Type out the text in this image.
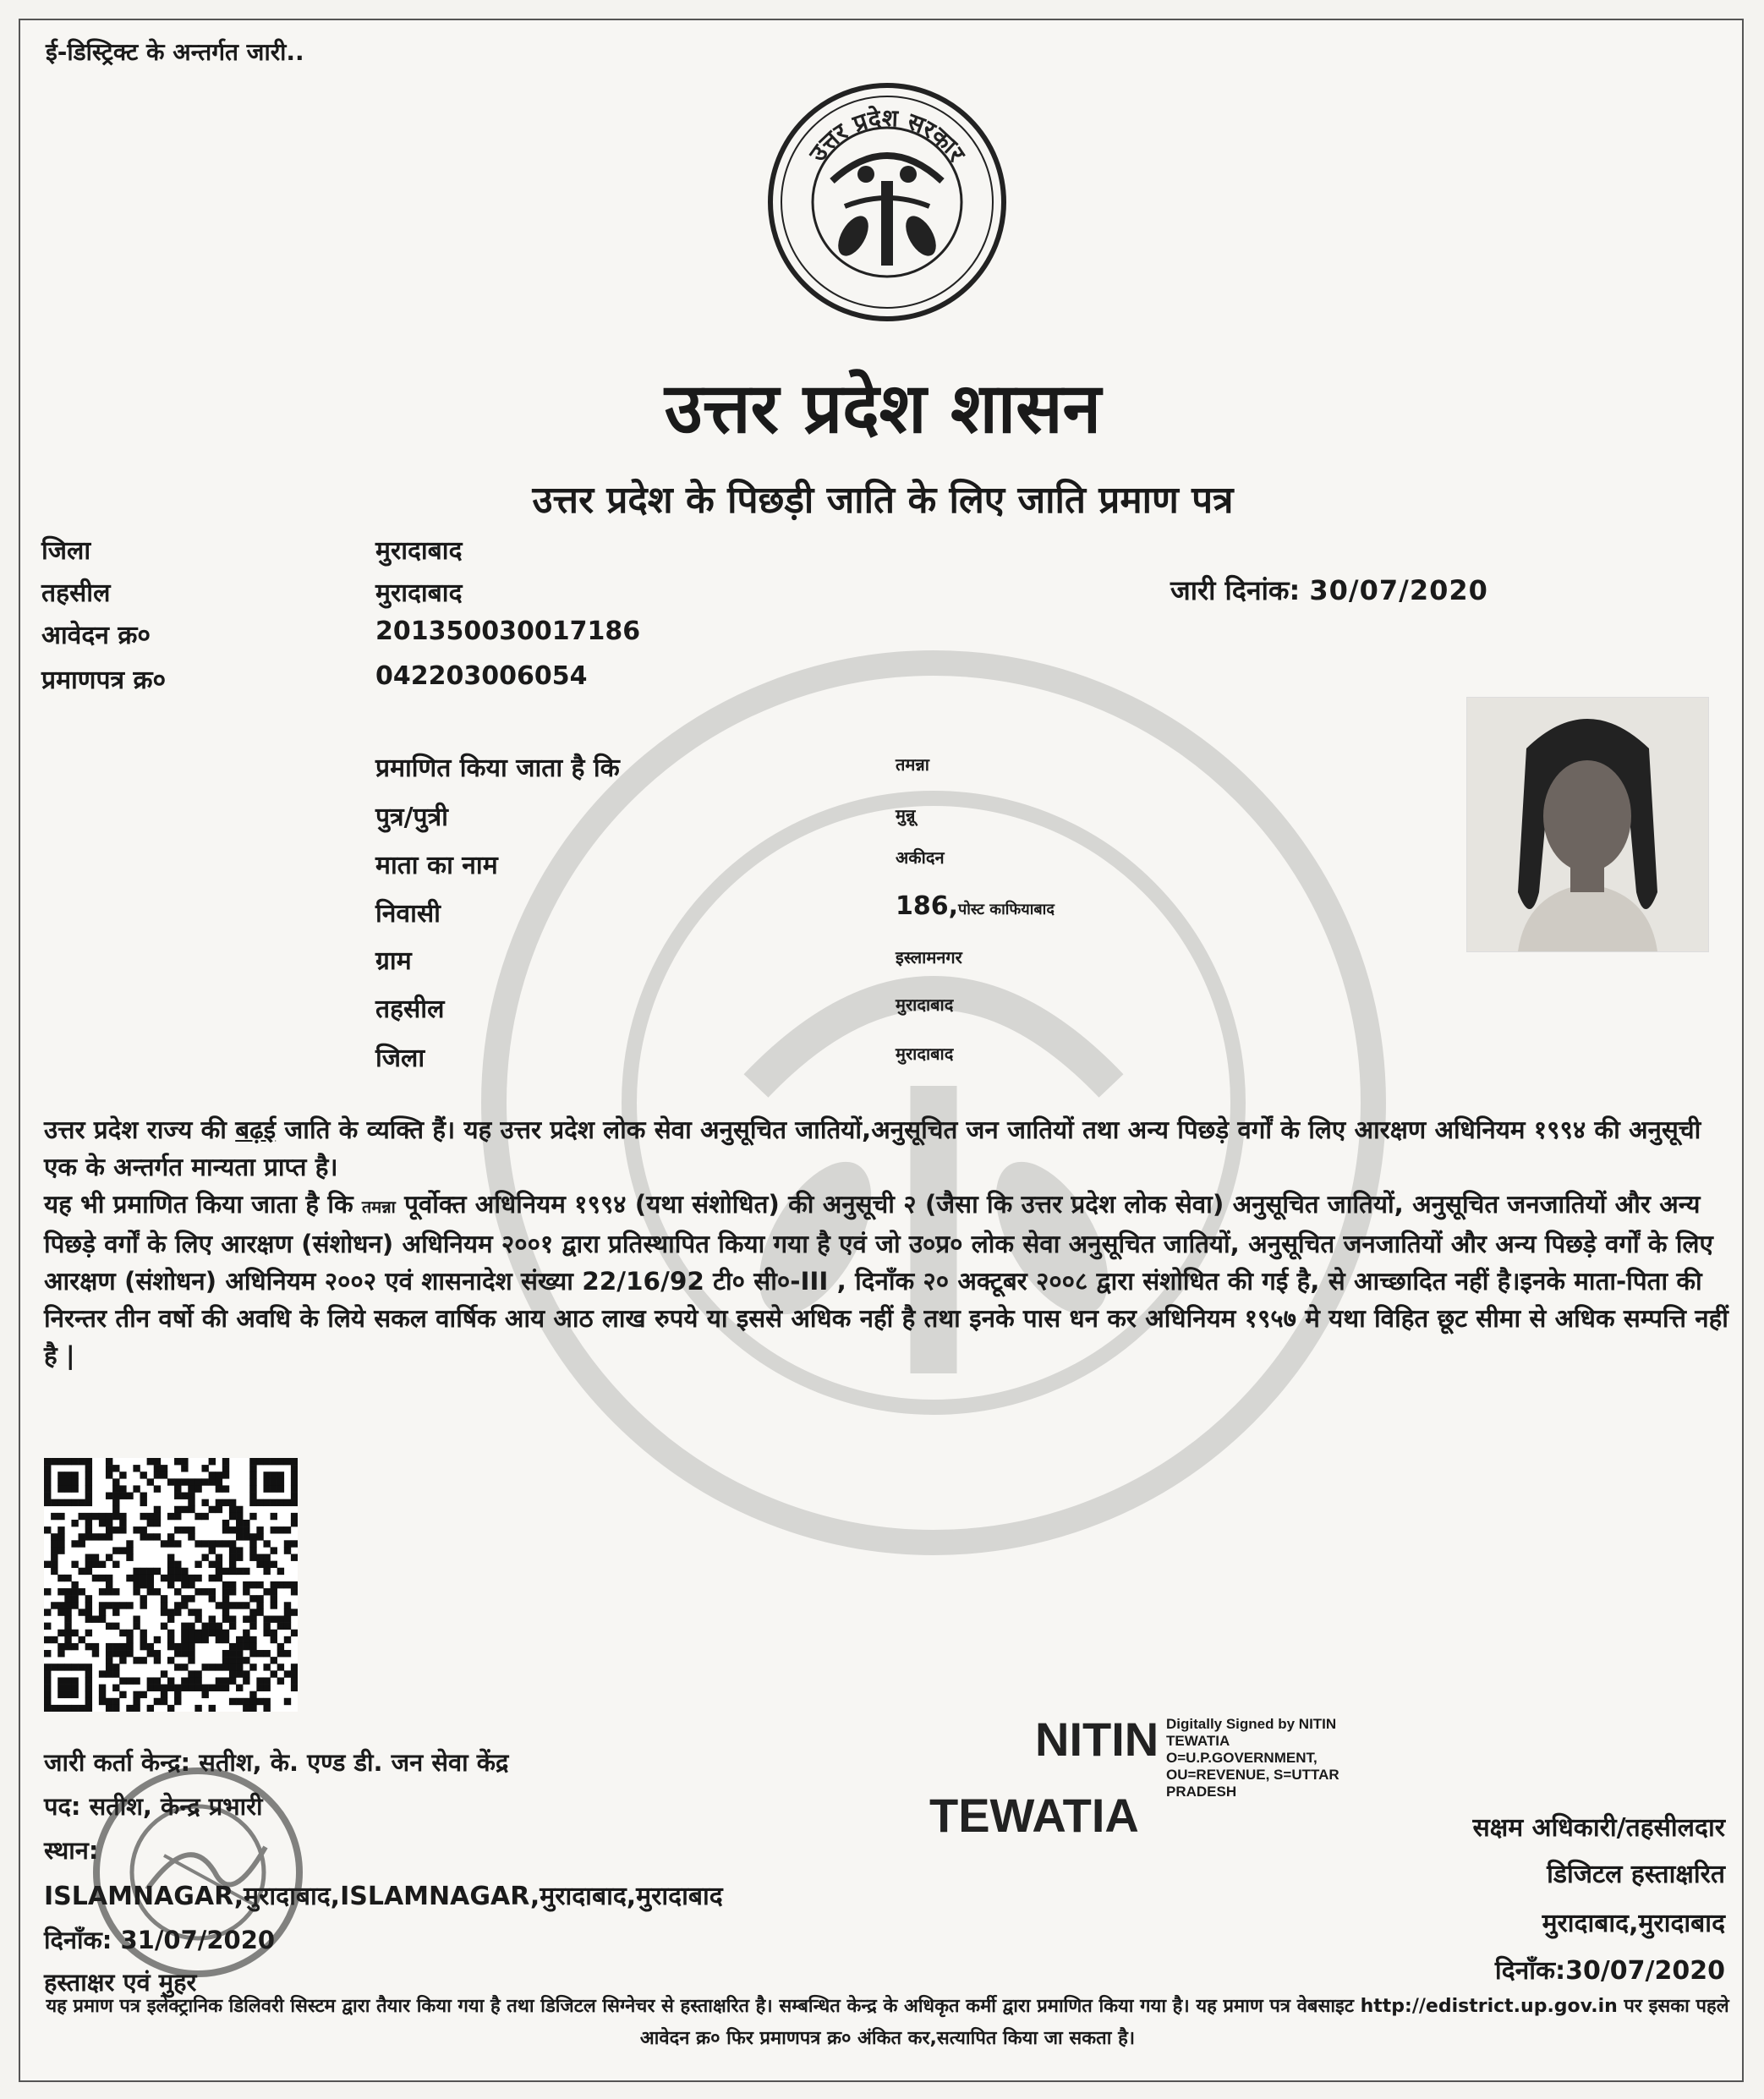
ई-डिस्ट्रिक्ट के अन्तर्गत जारी..
उत्तर प्रदेश सरकार
उत्तर प्रदेश शासन
उत्तर प्रदेश के पिछड़ी जाति के लिए जाति प्रमाण पत्र
जिला	मुरादाबाद
तहसील	मुरादाबाद
आवेदन क्र०	201350030017186
प्रमाणपत्र क्र०	042203006054
जारी दिनांक: 30/07/2020
प्रमाणित किया जाता है कि	तमन्ना
पुत्र/पुत्री	मुन्नू
माता का नाम	अकीदन
निवासी	186,पोस्ट काफियाबाद
ग्राम	इस्लामनगर
तहसील	मुरादाबाद
जिला	मुरादाबाद

उत्तर प्रदेश राज्य की बढ़ई जाति के व्यक्ति हैं। यह उत्तर प्रदेश लोक सेवा अनुसूचित जातियों,अनुसूचित जन जातियों तथा अन्य पिछड़े वर्गों के लिए आरक्षण अधिनियम १९९४ की अनुसूची एक के अन्तर्गत मान्यता प्राप्त है।

यह भी प्रमाणित किया जाता है कि तमन्ना पूर्वोक्त अधिनियम १९९४ (यथा संशोधित) की अनुसूची २ (जैसा कि उत्तर प्रदेश लोक सेवा) अनुसूचित जातियों, अनुसूचित जनजातियों और अन्य पिछड़े वर्गों के लिए आरक्षण (संशोधन) अधिनियम २००१ द्वारा प्रतिस्थापित किया गया है एवं जो उ०प्र० लोक सेवा अनुसूचित जातियों, अनुसूचित जनजातियों और अन्य पिछड़े वर्गों के लिए आरक्षण (संशोधन) अधिनियम २००२ एवं शासनादेश संख्या 22/16/92 टी० सी०-III , दिनाँक २० अक्टूबर २००८ द्वारा संशोधित की गई है, से आच्छादित नहीं है।इनके माता-पिता की निरन्तर तीन वर्षो की अवधि के लिये सकल वार्षिक आय आठ लाख रुपये या इससे अधिक नहीं है तथा इनके पास धन कर अधिनियम १९५७ मे यथा विहित छूट सीमा से अधिक सम्पत्ति नहीं है |

जारी कर्ता केन्द्र: सतीश, के. एण्ड डी. जन सेवा केंद्र
पद: सतीश, केन्द्र प्रभारी
स्थान:
ISLAMNAGAR,मुरादाबाद,ISLAMNAGAR,मुरादाबाद,मुरादाबाद
दिनाँक: 31/07/2020
हस्ताक्षर एवं मुहर
NITIN
TEWATIA
Digitally Signed by NITIN TEWATIA O=U.P.GOVERNMENT, OU=REVENUE, S=UTTAR PRADESH
सक्षम अधिकारी/तहसीलदार
डिजिटल हस्ताक्षरित
मुरादाबाद,मुरादाबाद
दिनाँक:30/07/2020
यह प्रमाण पत्र इलेक्ट्रानिक डिलिवरी सिस्टम द्वारा तैयार किया गया है तथा डिजिटल सिग्नेचर से हस्ताक्षरित है। सम्बन्धित केन्द्र के अधिकृत कर्मी द्वारा प्रमाणित किया गया है। यह प्रमाण पत्र वेबसाइट http://edistrict.up.gov.in पर इसका पहले आवेदन क्र० फिर प्रमाणपत्र क्र० अंकित कर,सत्यापित किया जा सकता है।
